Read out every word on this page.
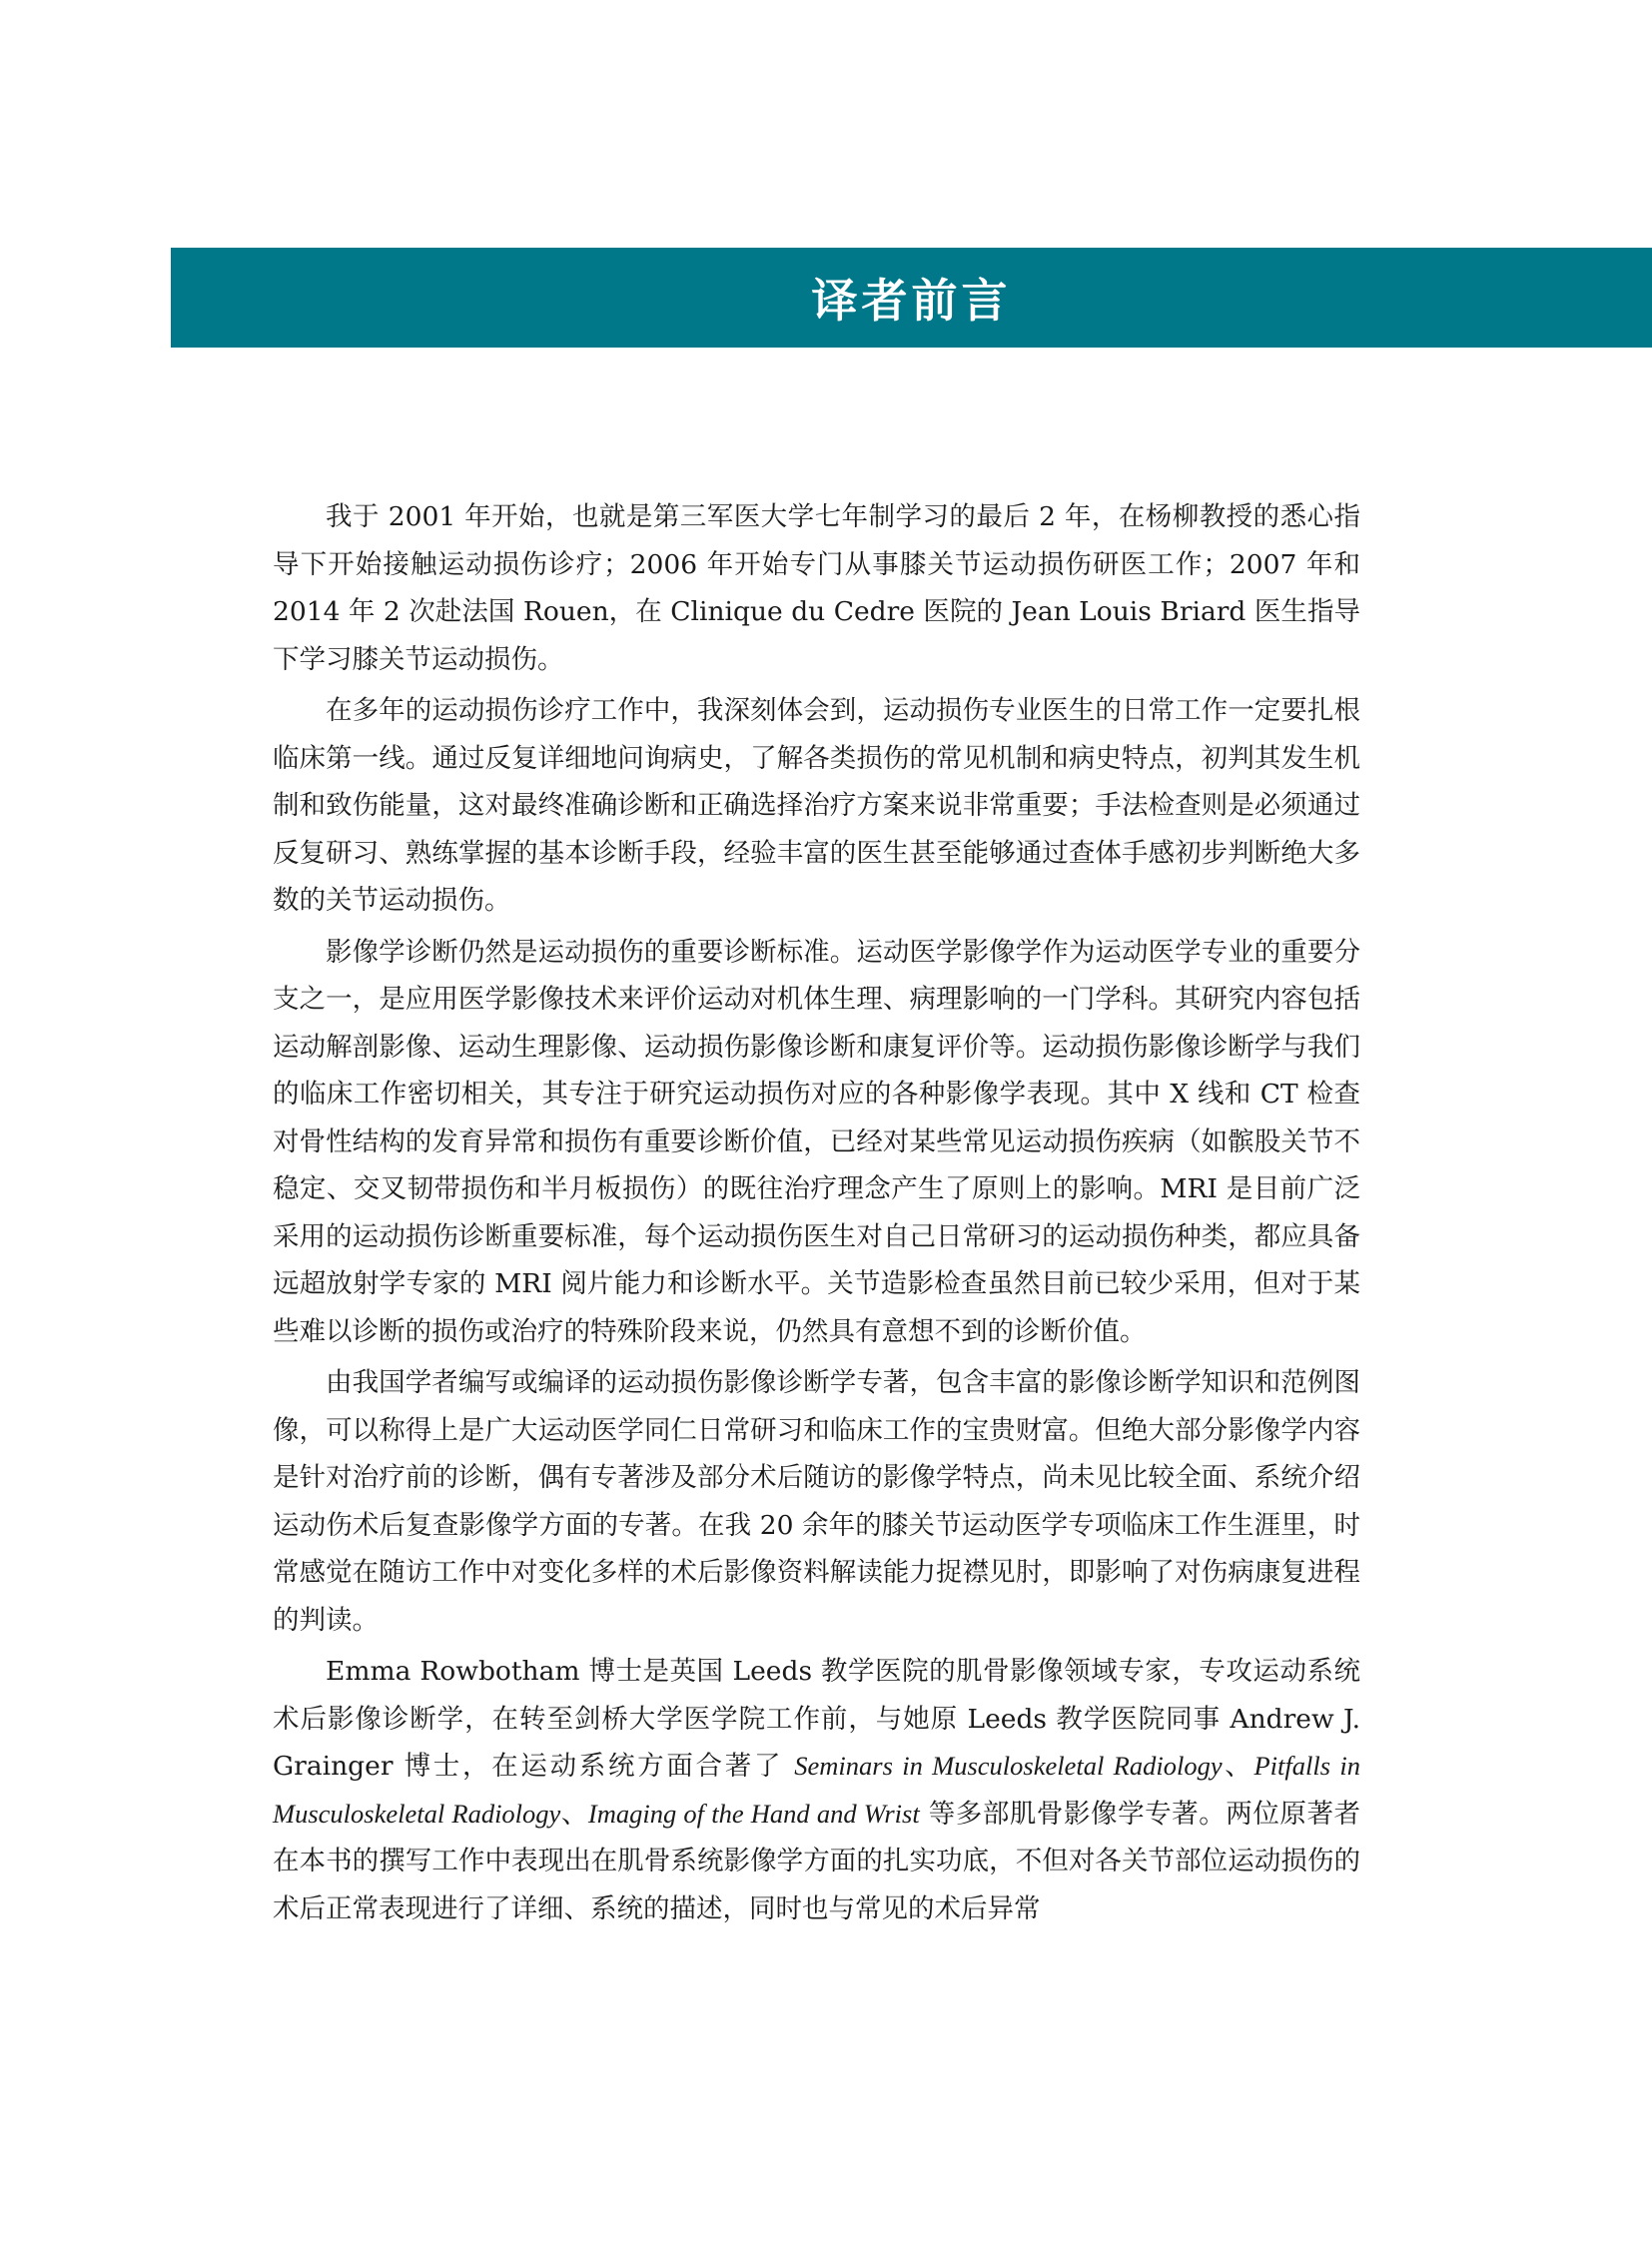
译者前言

我于 2001 年开始，也就是第三军医大学七年制学习的最后 2 年，在杨柳教授的悉心指导下开始接触运动损伤诊疗；2006 年开始专门从事膝关节运动损伤研医工作；2007 年和 2014 年 2 次赴法国 Rouen，在 Clinique du Cedre 医院的 Jean Louis Briard 医生指导下学习膝关节运动损伤。

在多年的运动损伤诊疗工作中，我深刻体会到，运动损伤专业医生的日常工作一定要扎根临床第一线。通过反复详细地问询病史，了解各类损伤的常见机制和病史特点，初判其发生机制和致伤能量，这对最终准确诊断和正确选择治疗方案来说非常重要；手法检查则是必须通过反复研习、熟练掌握的基本诊断手段，经验丰富的医生甚至能够通过查体手感初步判断绝大多数的关节运动损伤。

影像学诊断仍然是运动损伤的重要诊断标准。运动医学影像学作为运动医学专业的重要分支之一，是应用医学影像技术来评价运动对机体生理、病理影响的一门学科。其研究内容包括运动解剖影像、运动生理影像、运动损伤影像诊断和康复评价等。运动损伤影像诊断学与我们的临床工作密切相关，其专注于研究运动损伤对应的各种影像学表现。其中 X 线和 CT 检查对骨性结构的发育异常和损伤有重要诊断价值，已经对某些常见运动损伤疾病（如髌股关节不稳定、交叉韧带损伤和半月板损伤）的既往治疗理念产生了原则上的影响。MRI 是目前广泛采用的运动损伤诊断重要标准，每个运动损伤医生对自己日常研习的运动损伤种类，都应具备远超放射学专家的 MRI 阅片能力和诊断水平。关节造影检查虽然目前已较少采用，但对于某些难以诊断的损伤或治疗的特殊阶段来说，仍然具有意想不到的诊断价值。

由我国学者编写或编译的运动损伤影像诊断学专著，包含丰富的影像诊断学知识和范例图像，可以称得上是广大运动医学同仁日常研习和临床工作的宝贵财富。但绝大部分影像学内容是针对治疗前的诊断，偶有专著涉及部分术后随访的影像学特点，尚未见比较全面、系统介绍运动伤术后复查影像学方面的专著。在我 20 余年的膝关节运动医学专项临床工作生涯里，时常感觉在随访工作中对变化多样的术后影像资料解读能力捉襟见肘，即影响了对伤病康复进程的判读。

Emma Rowbotham 博士是英国 Leeds 教学医院的肌骨影像领域专家，专攻运动系统术后影像诊断学，在转至剑桥大学医学院工作前，与她原 Leeds 教学医院同事 Andrew J. Grainger 博士，在运动系统方面合著了 Seminars in Musculoskeletal Radiology、Pitfalls in Musculoskeletal Radiology、Imaging of the Hand and Wrist 等多部肌骨影像学专著。两位原著者在本书的撰写工作中表现出在肌骨系统影像学方面的扎实功底，不但对各关节部位运动损伤的术后正常表现进行了详细、系统的描述，同时也与常见的术后异常
